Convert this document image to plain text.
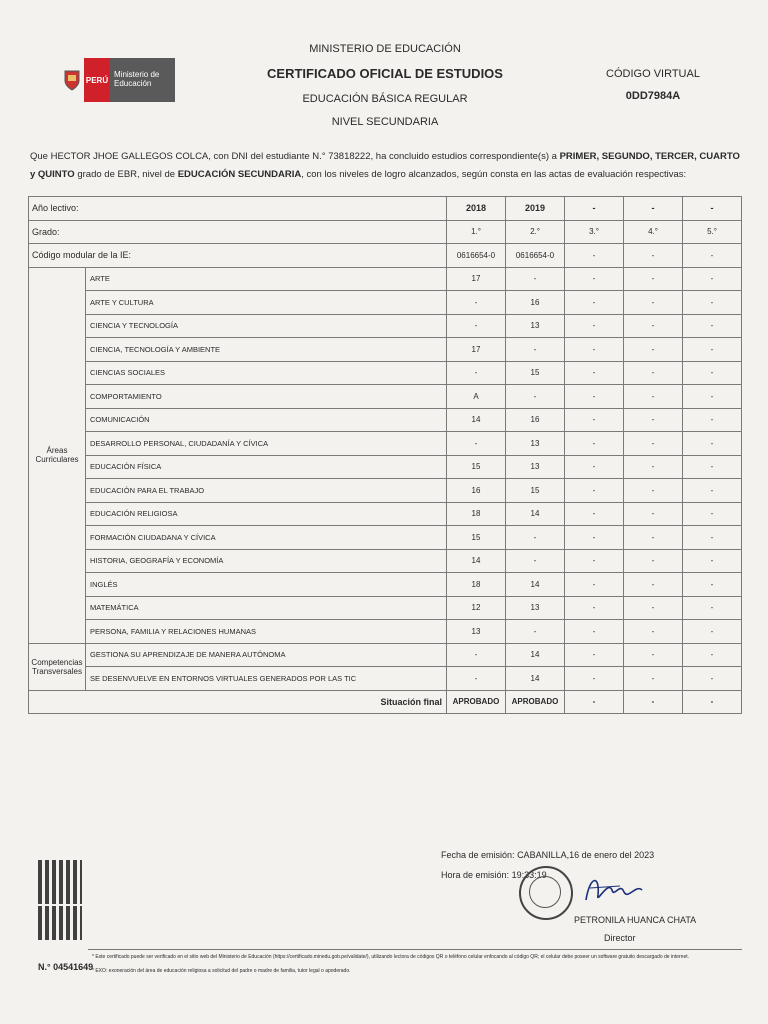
PERÚ
Ministerio de Educación
MINISTERIO DE EDUCACIÓN
CERTIFICADO OFICIAL DE ESTUDIOS
EDUCACIÓN BÁSICA REGULAR
NIVEL SECUNDARIA
CÓDIGO VIRTUAL
0DD7984A
Que HECTOR JHOE GALLEGOS COLCA, con DNI del estudiante N.° 73818222, ha concluido estudios correspondiente(s) a PRIMER, SEGUNDO, TERCER, CUARTO y QUINTO grado de EBR, nivel de EDUCACIÓN SECUNDARIA, con los niveles de logro alcanzados, según consta en las actas de evaluación respectivas:
Año lectivo:		2018	2019	-	-	-
Grado:		1.°	2.°	3.°	4.°	5.°
Código modular de la IE:		0616654-0	0616654-0	-	-	-
Áreas Curriculares	ARTE	17	-	-	-	-
	ARTE Y CULTURA	-	16	-	-	-
	CIENCIA Y TECNOLOGÍA	-	13	-	-	-
	CIENCIA, TECNOLOGÍA Y AMBIENTE	17	-	-	-	-
	CIENCIAS SOCIALES	-	15	-	-	-
	COMPORTAMIENTO	A	-	-	-	-
	COMUNICACIÓN	14	16	-	-	-
	DESARROLLO PERSONAL, CIUDADANÍA Y CÍVICA	-	13	-	-	-
	EDUCACIÓN FÍSICA	15	13	-	-	-
	EDUCACIÓN PARA EL TRABAJO	16	15	-	-	-
	EDUCACIÓN RELIGIOSA	18	14	-	-	-
	FORMACIÓN CIUDADANA Y CÍVICA	15	-	-	-	-
	HISTORIA, GEOGRAFÍA Y ECONOMÍA	14	-	-	-	-
	INGLÉS	18	14	-	-	-
	MATEMÁTICA	12	13	-	-	-
	PERSONA, FAMILIA Y RELACIONES HUMANAS	13	-	-	-	-

Competencias
Transversales	GESTIONA SU APRENDIZAJE DE MANERA AUTÓNOMA	-	14	-	-	-
	SE DESENVUELVE EN ENTORNOS VIRTUALES GENERADOS POR LAS TIC	-	14	-	-	-
Situación final		APROBADO	APROBADO	-	-	-
Fecha de emisión: CABANILLA,16 de enero del 2023
Hora de emisión: 19:33:19
PETRONILA HUANCA CHATA
Director
N.° 04541649
* Este certificado puede ser verificado en el sitio web del Ministerio de Educación (https://certificado.minedu.gob.pe/validate/), utilizando lectora de códigos QR o teléfono celular enfocando al código QR; el celular debe poseer un software gratuito descargado de internet.
* EXO: exoneración del área de educación religiosa a solicitud del padre o madre de familia, tutor legal o apoderado.
